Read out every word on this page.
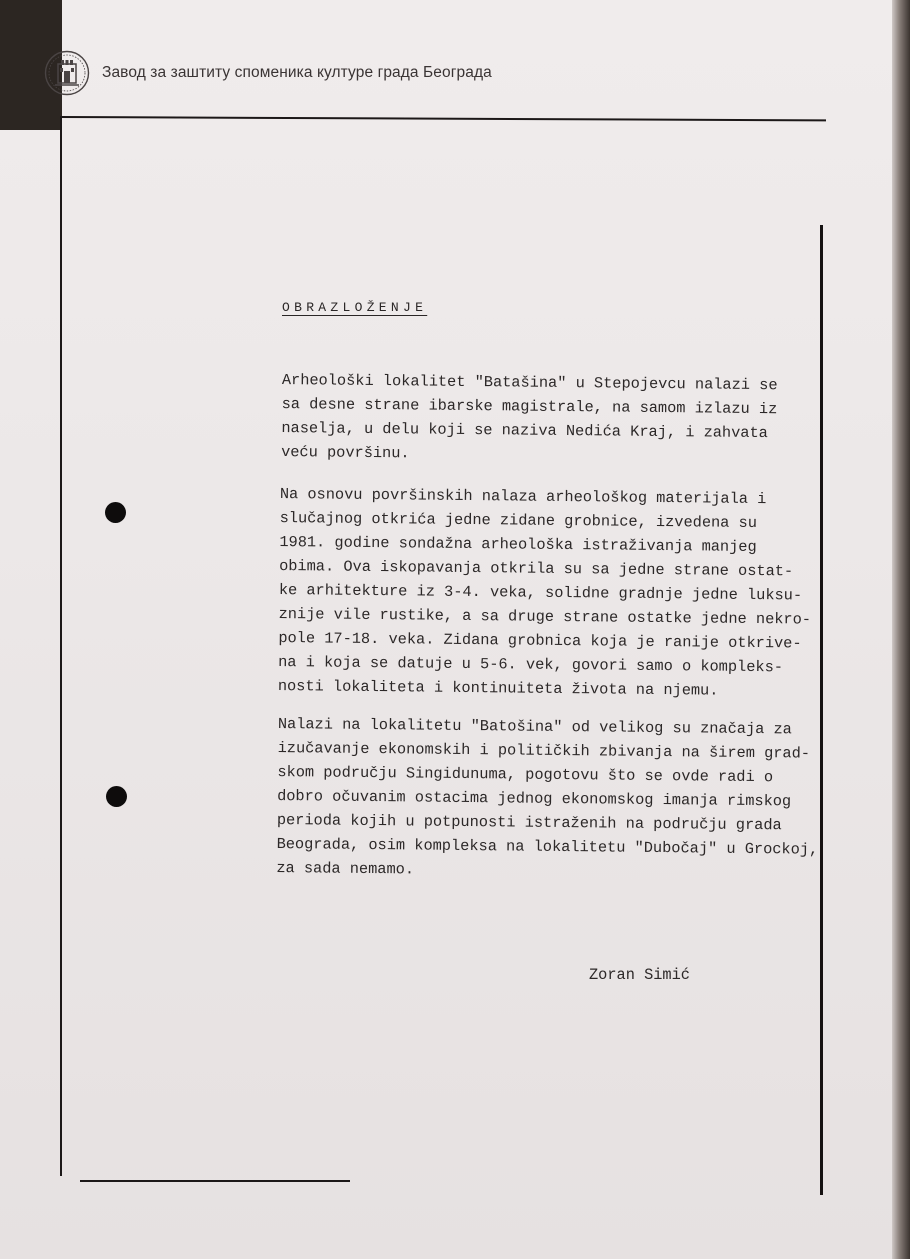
Завод за заштиту споменика културе града Београда
OBRAZLOŽENJE

Arheološki lokalitet "Batašina" u Stepojevcu nalazi se
sa desne strane ibarske magistrale, na samom izlazu iz
naselja, u delu koji se naziva Nedića Kraj, i zahvata
veću površinu.

Na osnovu površinskih nalaza arheološkog materijala i
slučajnog otkrića jedne zidane grobnice, izvedena su
1981. godine sondažna arheološka istraživanja manjeg
obima. Ova iskopavanja otkrila su sa jedne strane ostat-
ke arhitekture iz 3-4. veka, solidne gradnje jedne luksu-
znije vile rustike, a sa druge strane ostatke jedne nekro-
pole 17-18. veka. Zidana grobnica koja je ranije otkrive-
na i koja se datuje u 5-6. vek, govori samo o kompleks-
nosti lokaliteta i kontinuiteta života na njemu.

Nalazi na lokalitetu "Batošina" od velikog su značaja za
izučavanje ekonomskih i političkih zbivanja na širem grad-
skom području Singidunuma, pogotovu što se ovde radi o
dobro očuvanim ostacima jednog ekonomskog imanja rimskog
perioda kojih u potpunosti istraženih na području grada
Beograda, osim kompleksa na lokalitetu "Dubočaj" u Grockoj,
za sada nemamo.

Zoran Simić
